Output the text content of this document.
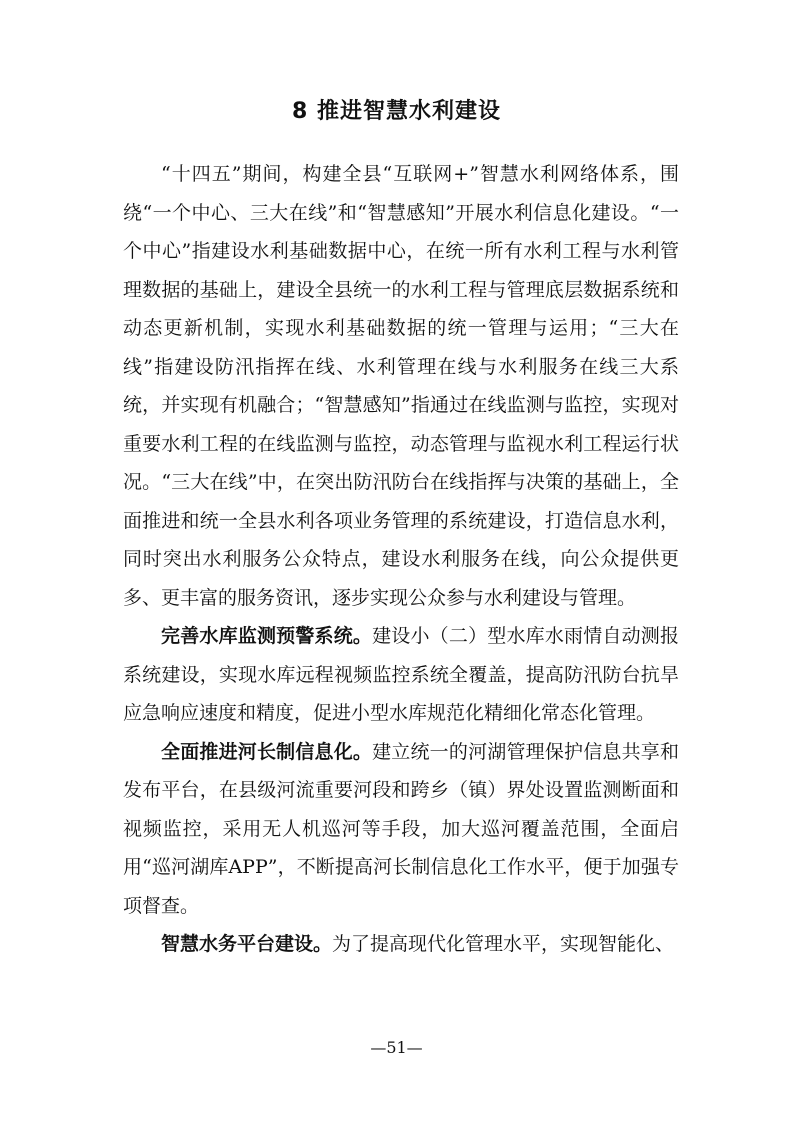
8 推进智慧水利建设

“十四五”期间，构建全县“互联网+”智慧水利网络体系，围绕“一个中心、三大在线”和“智慧感知”开展水利信息化建设。“一个中心”指建设水利基础数据中心，在统一所有水利工程与水利管理数据的基础上，建设全县统一的水利工程与管理底层数据系统和动态更新机制，实现水利基础数据的统一管理与运用；“三大在线”指建设防汛指挥在线、水利管理在线与水利服务在线三大系统，并实现有机融合；“智慧感知”指通过在线监测与监控，实现对重要水利工程的在线监测与监控，动态管理与监视水利工程运行状况。“三大在线”中，在突出防汛防台在线指挥与决策的基础上，全面推进和统一全县水利各项业务管理的系统建设，打造信息水利，同时突出水利服务公众特点，建设水利服务在线，向公众提供更多、更丰富的服务资讯，逐步实现公众参与水利建设与管理。

完善水库监测预警系统。建设小（二）型水库水雨情自动测报系统建设，实现水库远程视频监控系统全覆盖，提高防汛防台抗旱应急响应速度和精度，促进小型水库规范化精细化常态化管理。

全面推进河长制信息化。建立统一的河湖管理保护信息共享和发布平台，在县级河流重要河段和跨乡（镇）界处设置监测断面和视频监控，采用无人机巡河等手段，加大巡河覆盖范围，全面启用“巡河湖库APP”，不断提高河长制信息化工作水平，便于加强专项督查。

智慧水务平台建设。为了提高现代化管理水平，实现智能化、

—51—
